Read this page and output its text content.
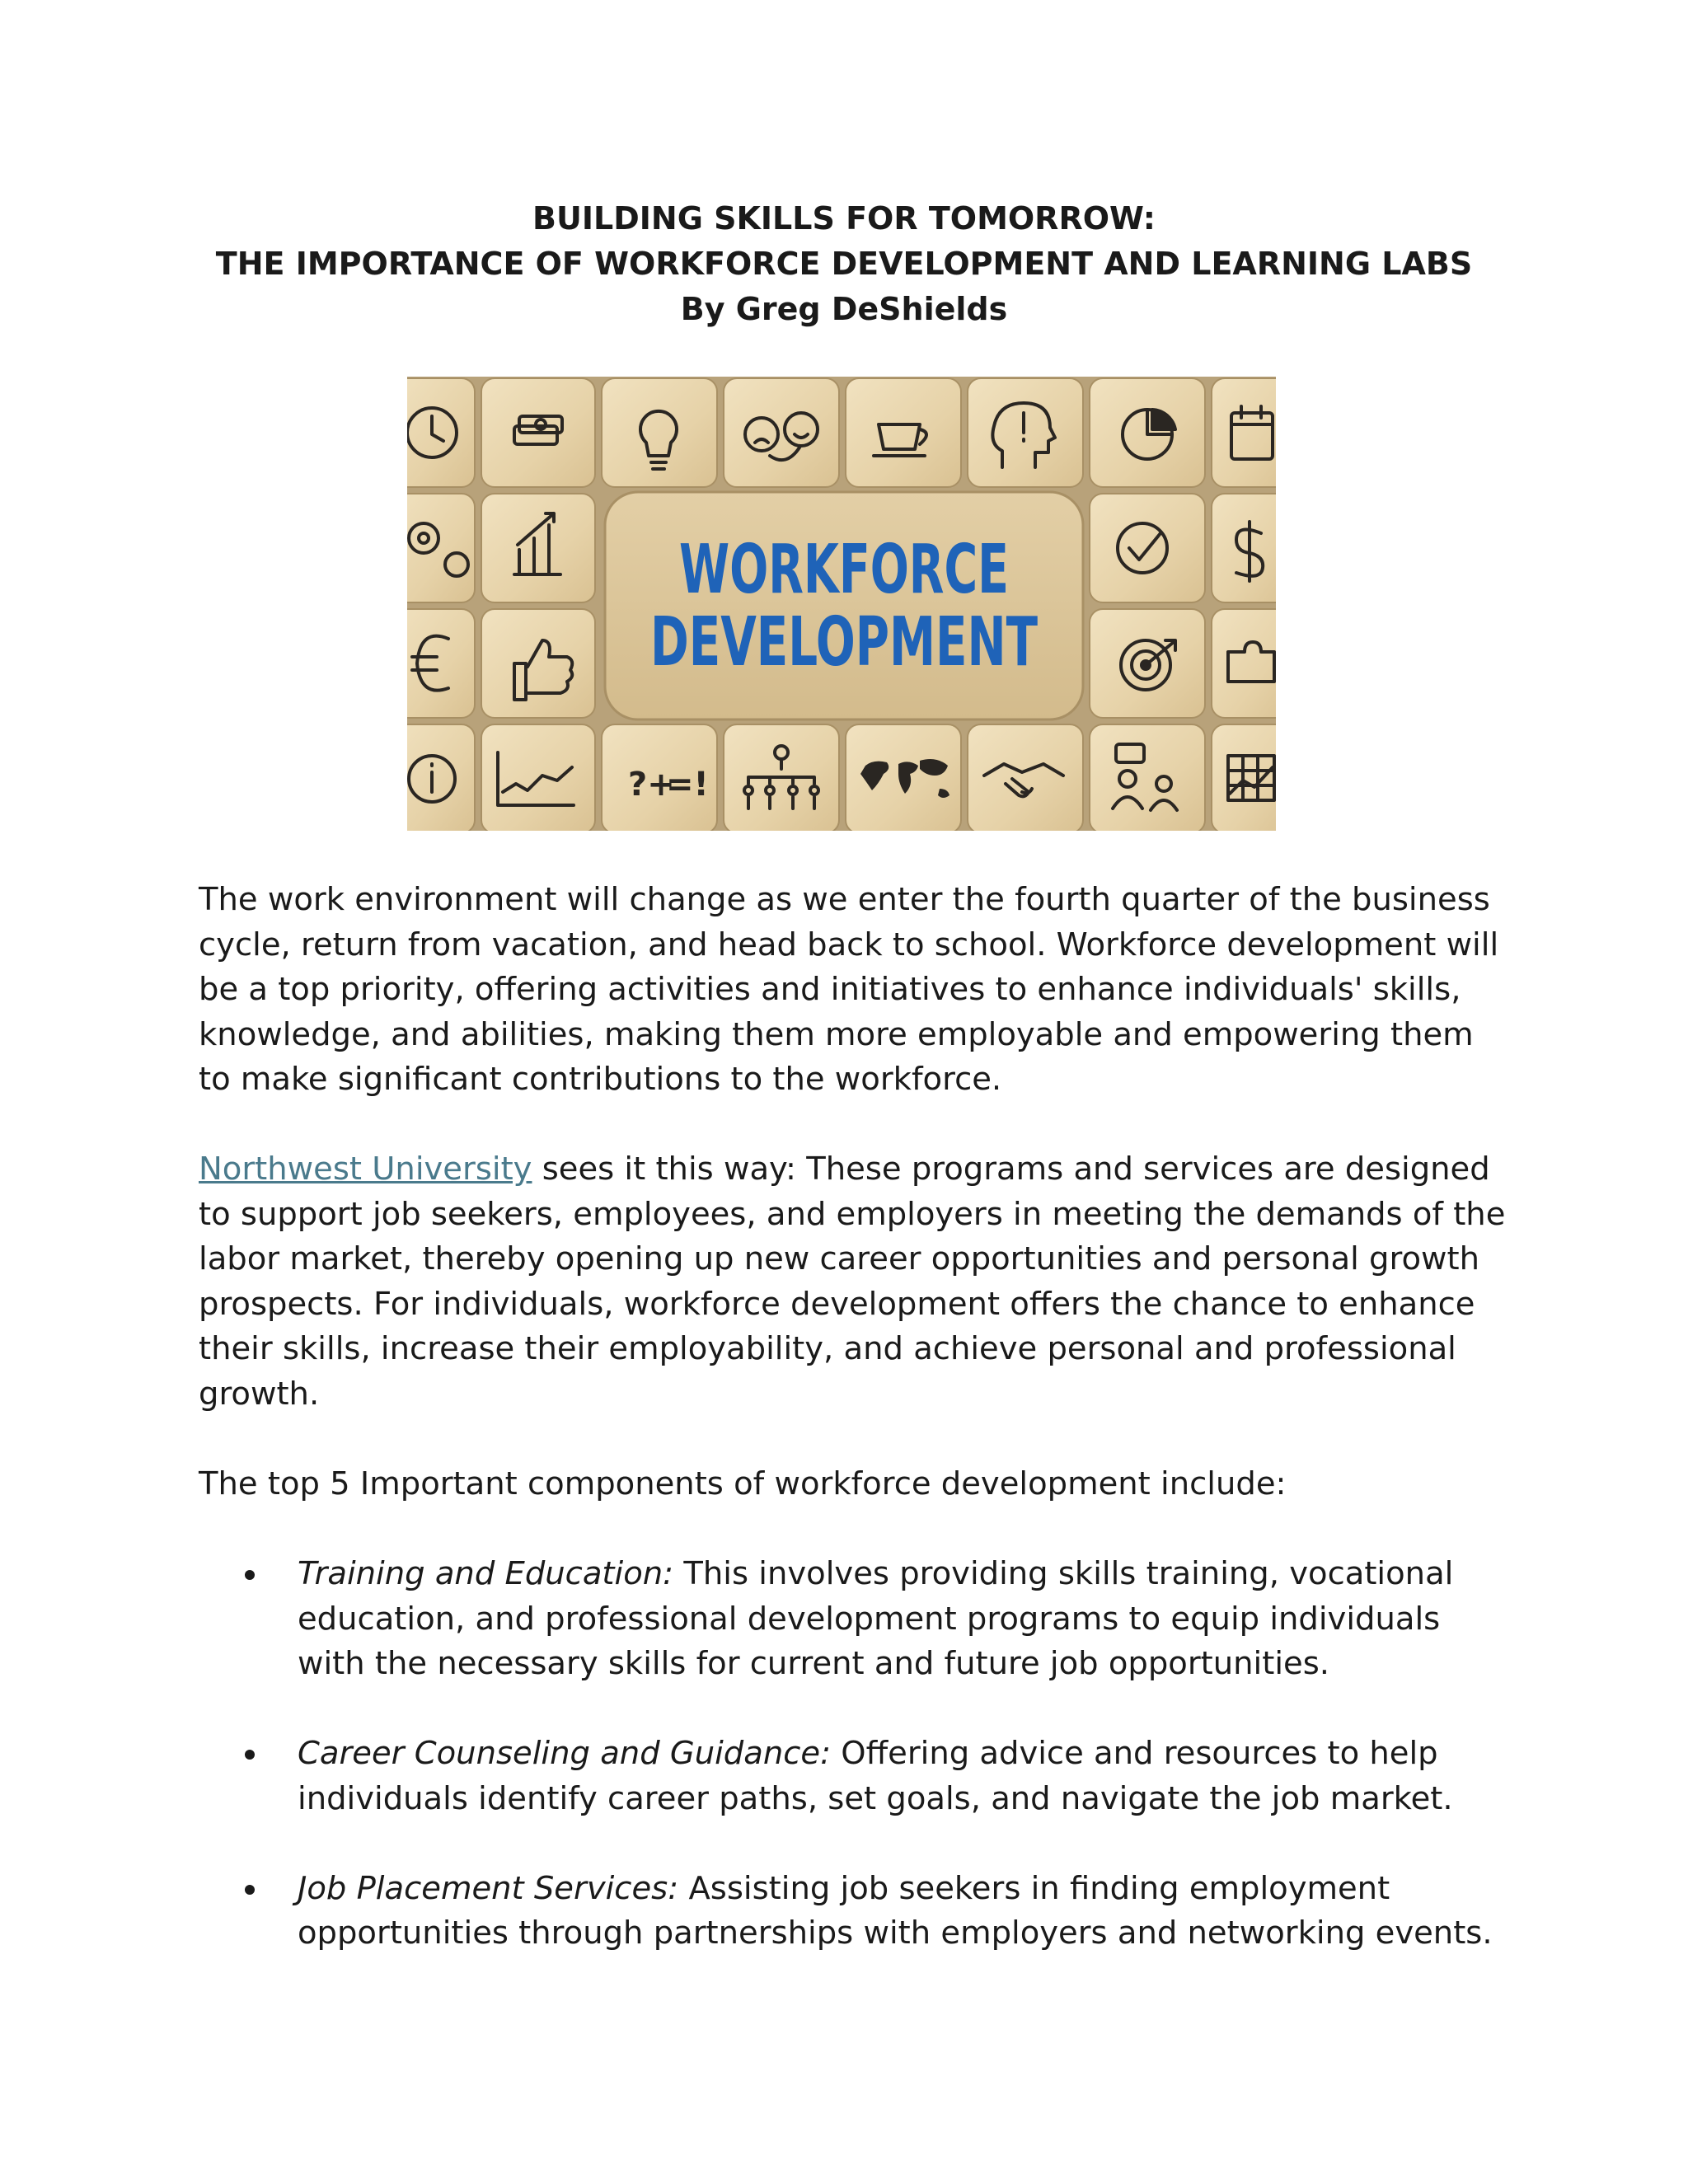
BUILDING SKILLS FOR TOMORROW:
THE IMPORTANCE OF WORKFORCE DEVELOPMENT AND LEARNING LABS
By Greg DeShields
WORKFORCE
DEVELOPMENT
?+
=!

The work environment will change as we enter the fourth quarter of the business cycle, return from vacation, and head back to school. Workforce development will be a top priority, offering activities and initiatives to enhance individuals' skills, knowledge, and abilities, making them more employable and empowering them to make significant contributions to the workforce.

Northwest University sees it this way: These programs and services are designed to support job seekers, employees, and employers in meeting the demands of the labor market, thereby opening up new career opportunities and personal growth prospects. For individuals, workforce development offers the chance to enhance their skills, increase their employability, and achieve personal and professional growth.

The top 5 Important components of workforce development include:

Training and Education: This involves providing skills training, vocational education, and professional development programs to equip individuals with the necessary skills for current and future job opportunities.
Career Counseling and Guidance: Offering advice and resources to help individuals identify career paths, set goals, and navigate the job market.
Job Placement Services: Assisting job seekers in finding employment opportunities through partnerships with employers and networking events.
